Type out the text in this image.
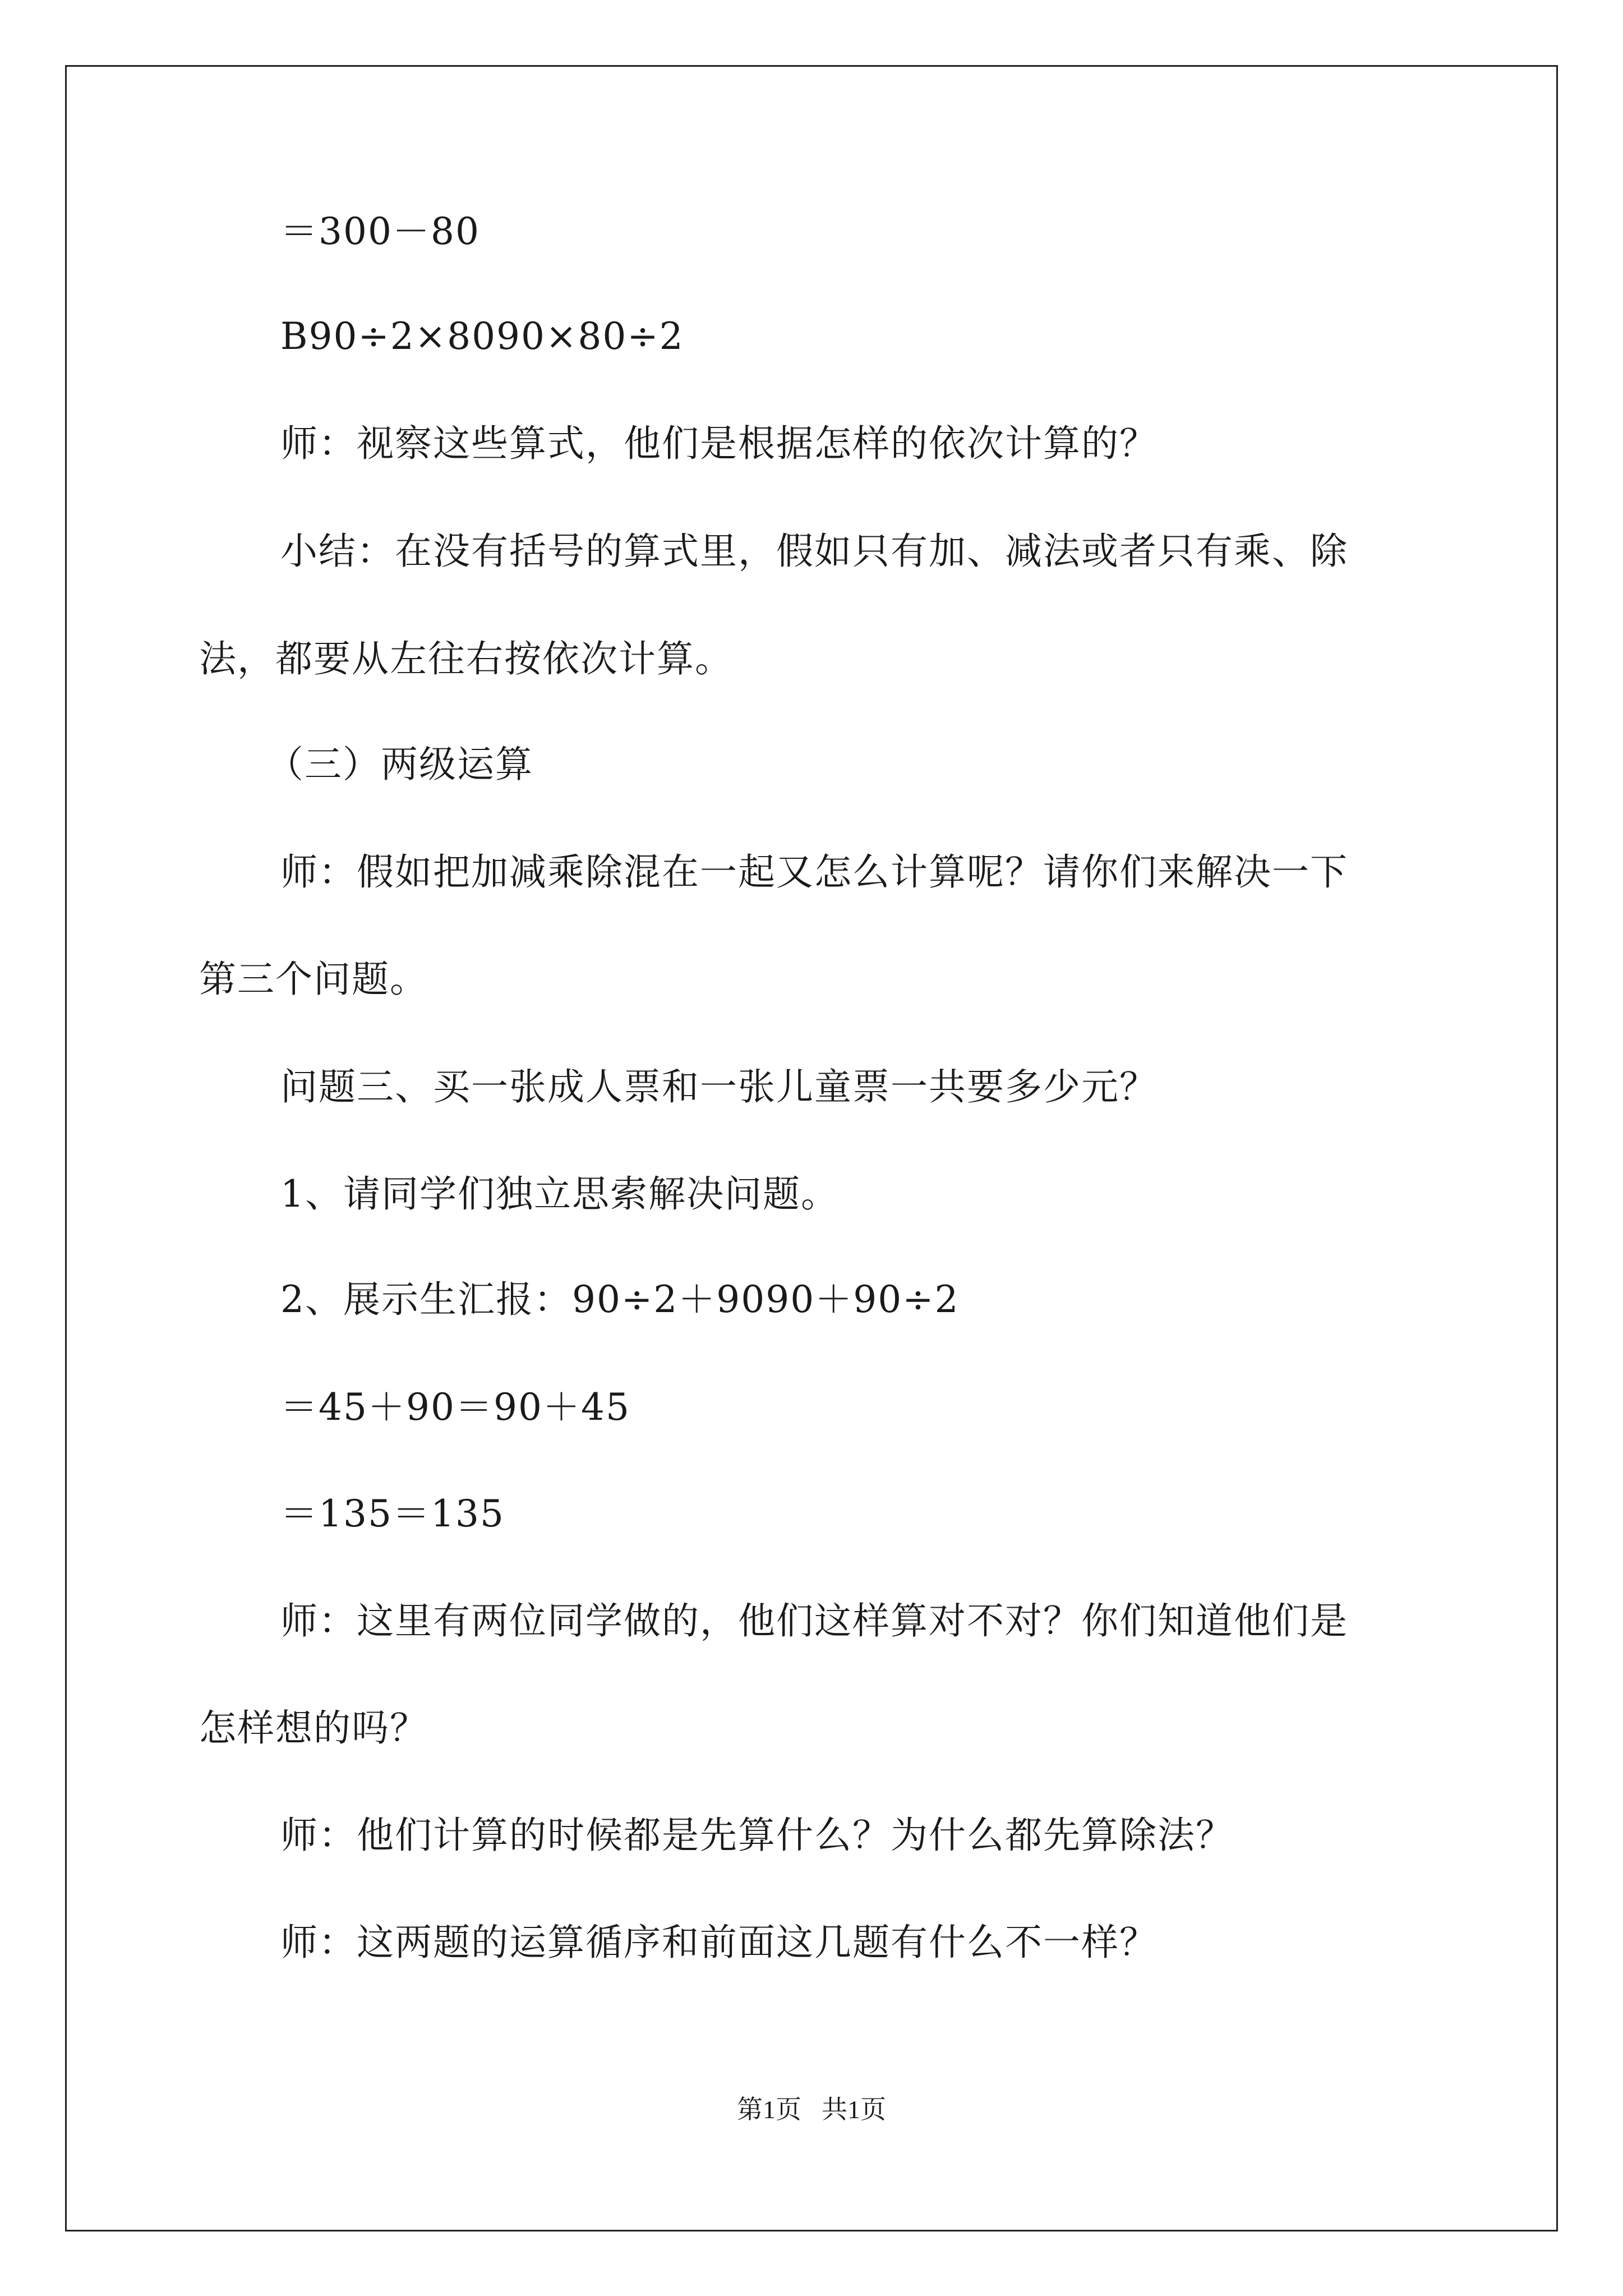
＝300－80

B90÷2×8090×80÷2

师：视察这些算式，他们是根据怎样的依次计算的？

小结：在没有括号的算式里，假如只有加、减法或者只有乘、除

法，都要从左往右按依次计算。

（三）两级运算

师：假如把加减乘除混在一起又怎么计算呢？请你们来解决一下

第三个问题。

问题三、买一张成人票和一张儿童票一共要多少元？

1、请同学们独立思索解决问题。

2、展示生汇报：90÷2＋9090＋90÷2

＝45＋90＝90＋45

＝135＝135

师：这里有两位同学做的，他们这样算对不对？你们知道他们是

怎样想的吗？

师：他们计算的时候都是先算什么？为什么都先算除法？

师：这两题的运算循序和前面这几题有什么不一样？

第1页 共1页
